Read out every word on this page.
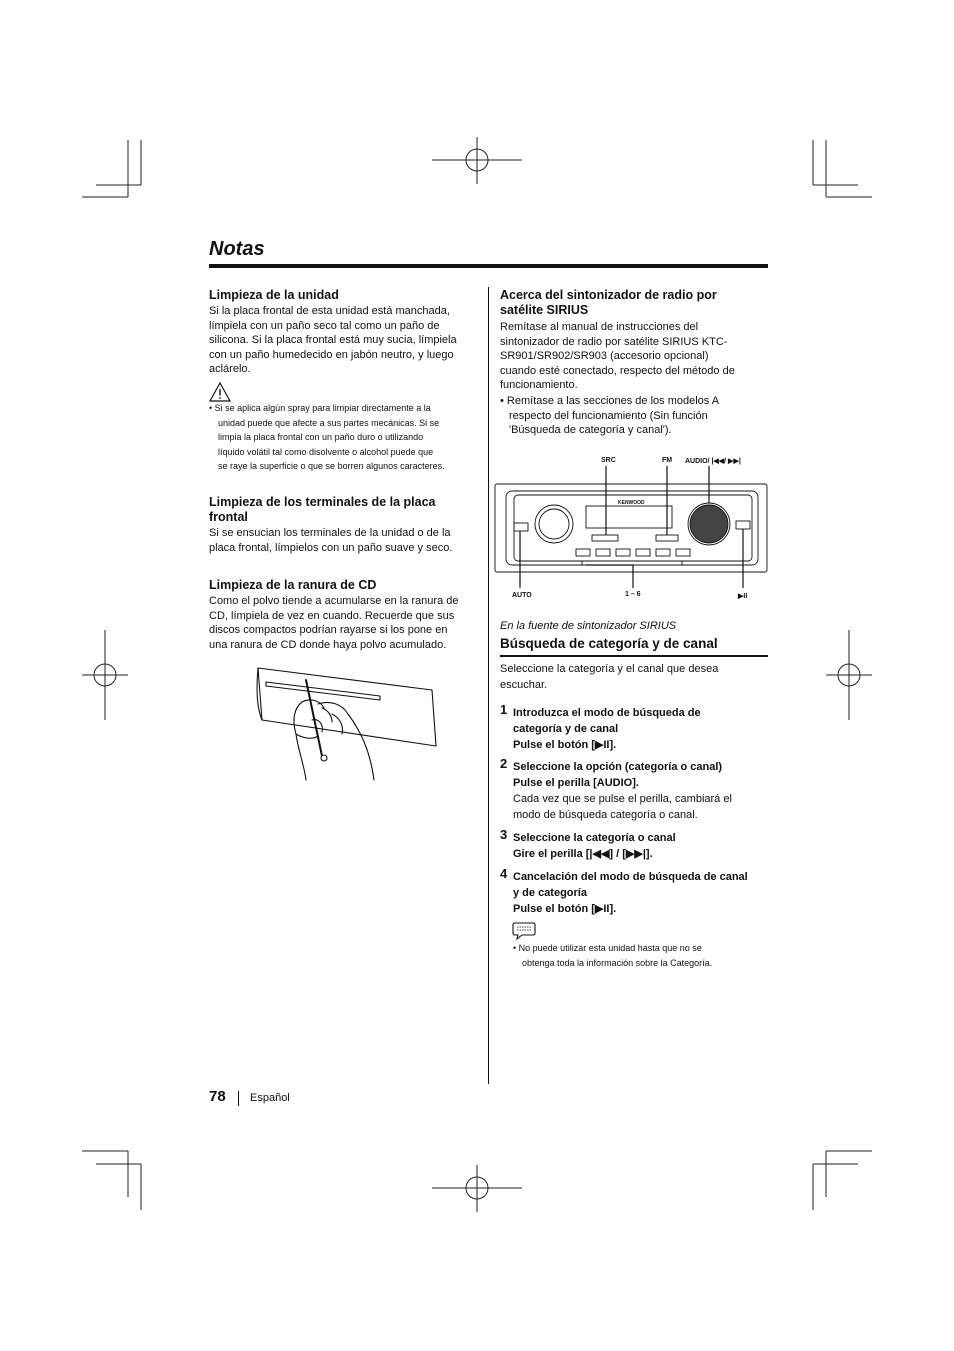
Notas
Limpieza de la unidad
Si la placa frontal de esta unidad está manchada,
límpiela con un paño seco tal como un paño de
silicona. Si la placa frontal está muy sucia, límpiela
con un paño humedecido en jabón neutro, y luego
aclárelo.
• Si se aplica algún spray para limpiar directamente a la
unidad puede que afecte a sus partes mecánicas. Si se
limpia la placa frontal con un paño duro o utilizando
líquido volátil tal como disolvente o alcohol puede que
se raye la superficie o que se borren algunos caracteres.
Limpieza de los terminales de la placa
frontal
Si se ensucian los terminales de la unidad o de la
placa frontal, límpielos con un paño suave y seco.
Limpieza de la ranura de CD
Como el polvo tiende a acumularse en la ranura de
CD, límpiela de vez en cuando. Recuerde que sus
discos compactos podrían rayarse si los pone en
una ranura de CD donde haya polvo acumulado.
Acerca del sintonizador de radio por
satélite SIRIUS
Remítase al manual de instrucciones del
sintonizador de radio por satélite SIRIUS KTC-
SR901/SR902/SR903 (accesorio opcional)
cuando esté conectado, respecto del método de
funcionamiento.
• Remítase a las secciones de los modelos A
respecto del funcionamiento (Sin función
'Búsqueda de categoría y canal').
SRC	FM AUDIO/ |◀◀/ ▶▶|
AUTO	1 – 6	▶II
KENWOOD
En la fuente de sintonizador SIRIUS
Búsqueda de categoría y de canal
Seleccione la categoría y el canal que desea
escuchar.
1 Introduzca el modo de búsqueda de
categoría y de canal
Pulse el botón [▶II].
2 Seleccione la opción (categoría o canal)
Pulse el perilla [AUDIO].
Cada vez que se pulse el perilla, cambiará el
modo de búsqueda categoría o canal.
3 Seleccione la categoría o canal
Gire el perilla [|◀◀] / [▶▶|].
4 Cancelación del modo de búsqueda de canal
y de categoría
Pulse el botón [▶II].
• No puede utilizar esta unidad hasta que no se
obtenga toda la información sobre la Categoría.
78 Español
